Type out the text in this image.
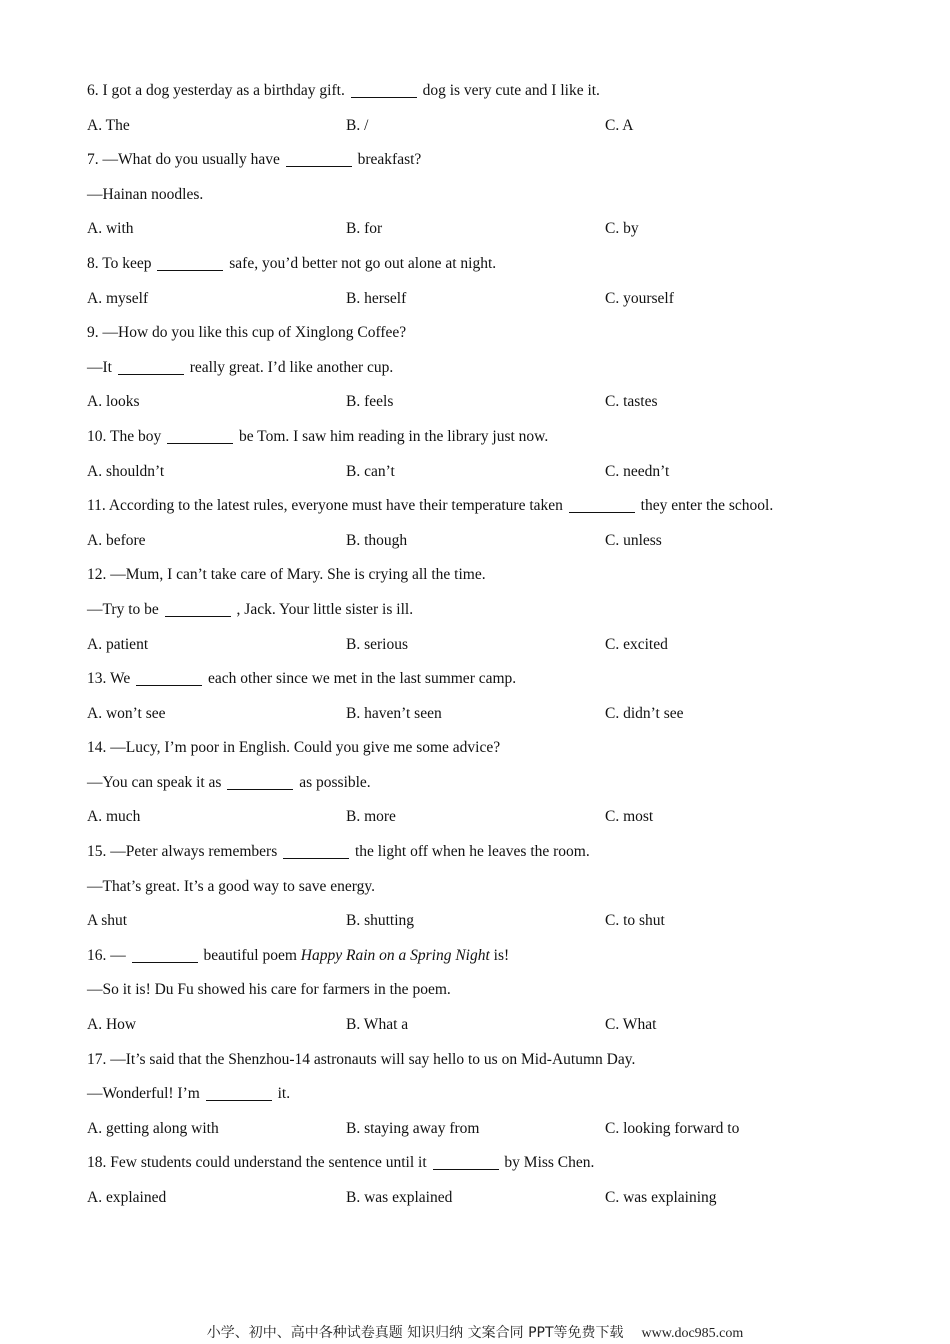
6. I got a dog yesterday as a birthday gift.	dog is very cute and I like it.
A. The	B. /	C. A
7. —What do you usually have	breakfast?
—Hainan noodles.
A. with	B. for	C. by
8. To keep	safe, you’d better not go out alone at night.
A. myself	B. herself	C. yourself
9. —How do you like this cup of Xinglong Coffee?
—It	really great. I’d like another cup.
A. looks	B. feels	C. tastes
10. The boy	be Tom. I saw him reading in the library just now.
A. shouldn’t	B. can’t	C. needn’t
11. According to the latest rules, everyone must have their temperature taken	they enter the school.
A. before	B. though	C. unless
12. —Mum, I can’t take care of Mary. She is crying all the time.
—Try to be	, Jack. Your little sister is ill.
A. patient	B. serious	C. excited
13. We	each other since we met in the last summer camp.
A. won’t see	B. haven’t seen	C. didn’t see
14. —Lucy, I’m poor in English. Could you give me some advice?
—You can speak it as	as possible.
A. much	B. more	C. most
15. —Peter always remembers	the light off when he leaves the room.
—That’s great. It’s a good way to save energy.
A shut	B. shutting	C. to shut
16. —	beautiful poem Happy Rain on a Spring Night is!
—So it is! Du Fu showed his care for farmers in the poem.
A. How	B. What a	C. What
17. —It’s said that the Shenzhou-14 astronauts will say hello to us on Mid-Autumn Day.
—Wonderful! I’m	it.
A. getting along with	B. staying away from	C. looking forward to
18. Few students could understand the sentence until it	by Miss Chen.
A. explained	B. was explained	C. was explaining
小学、初中、高中各种试卷真题 知识归纳 文案合同 PPT等免费下载 www.doc985.com
